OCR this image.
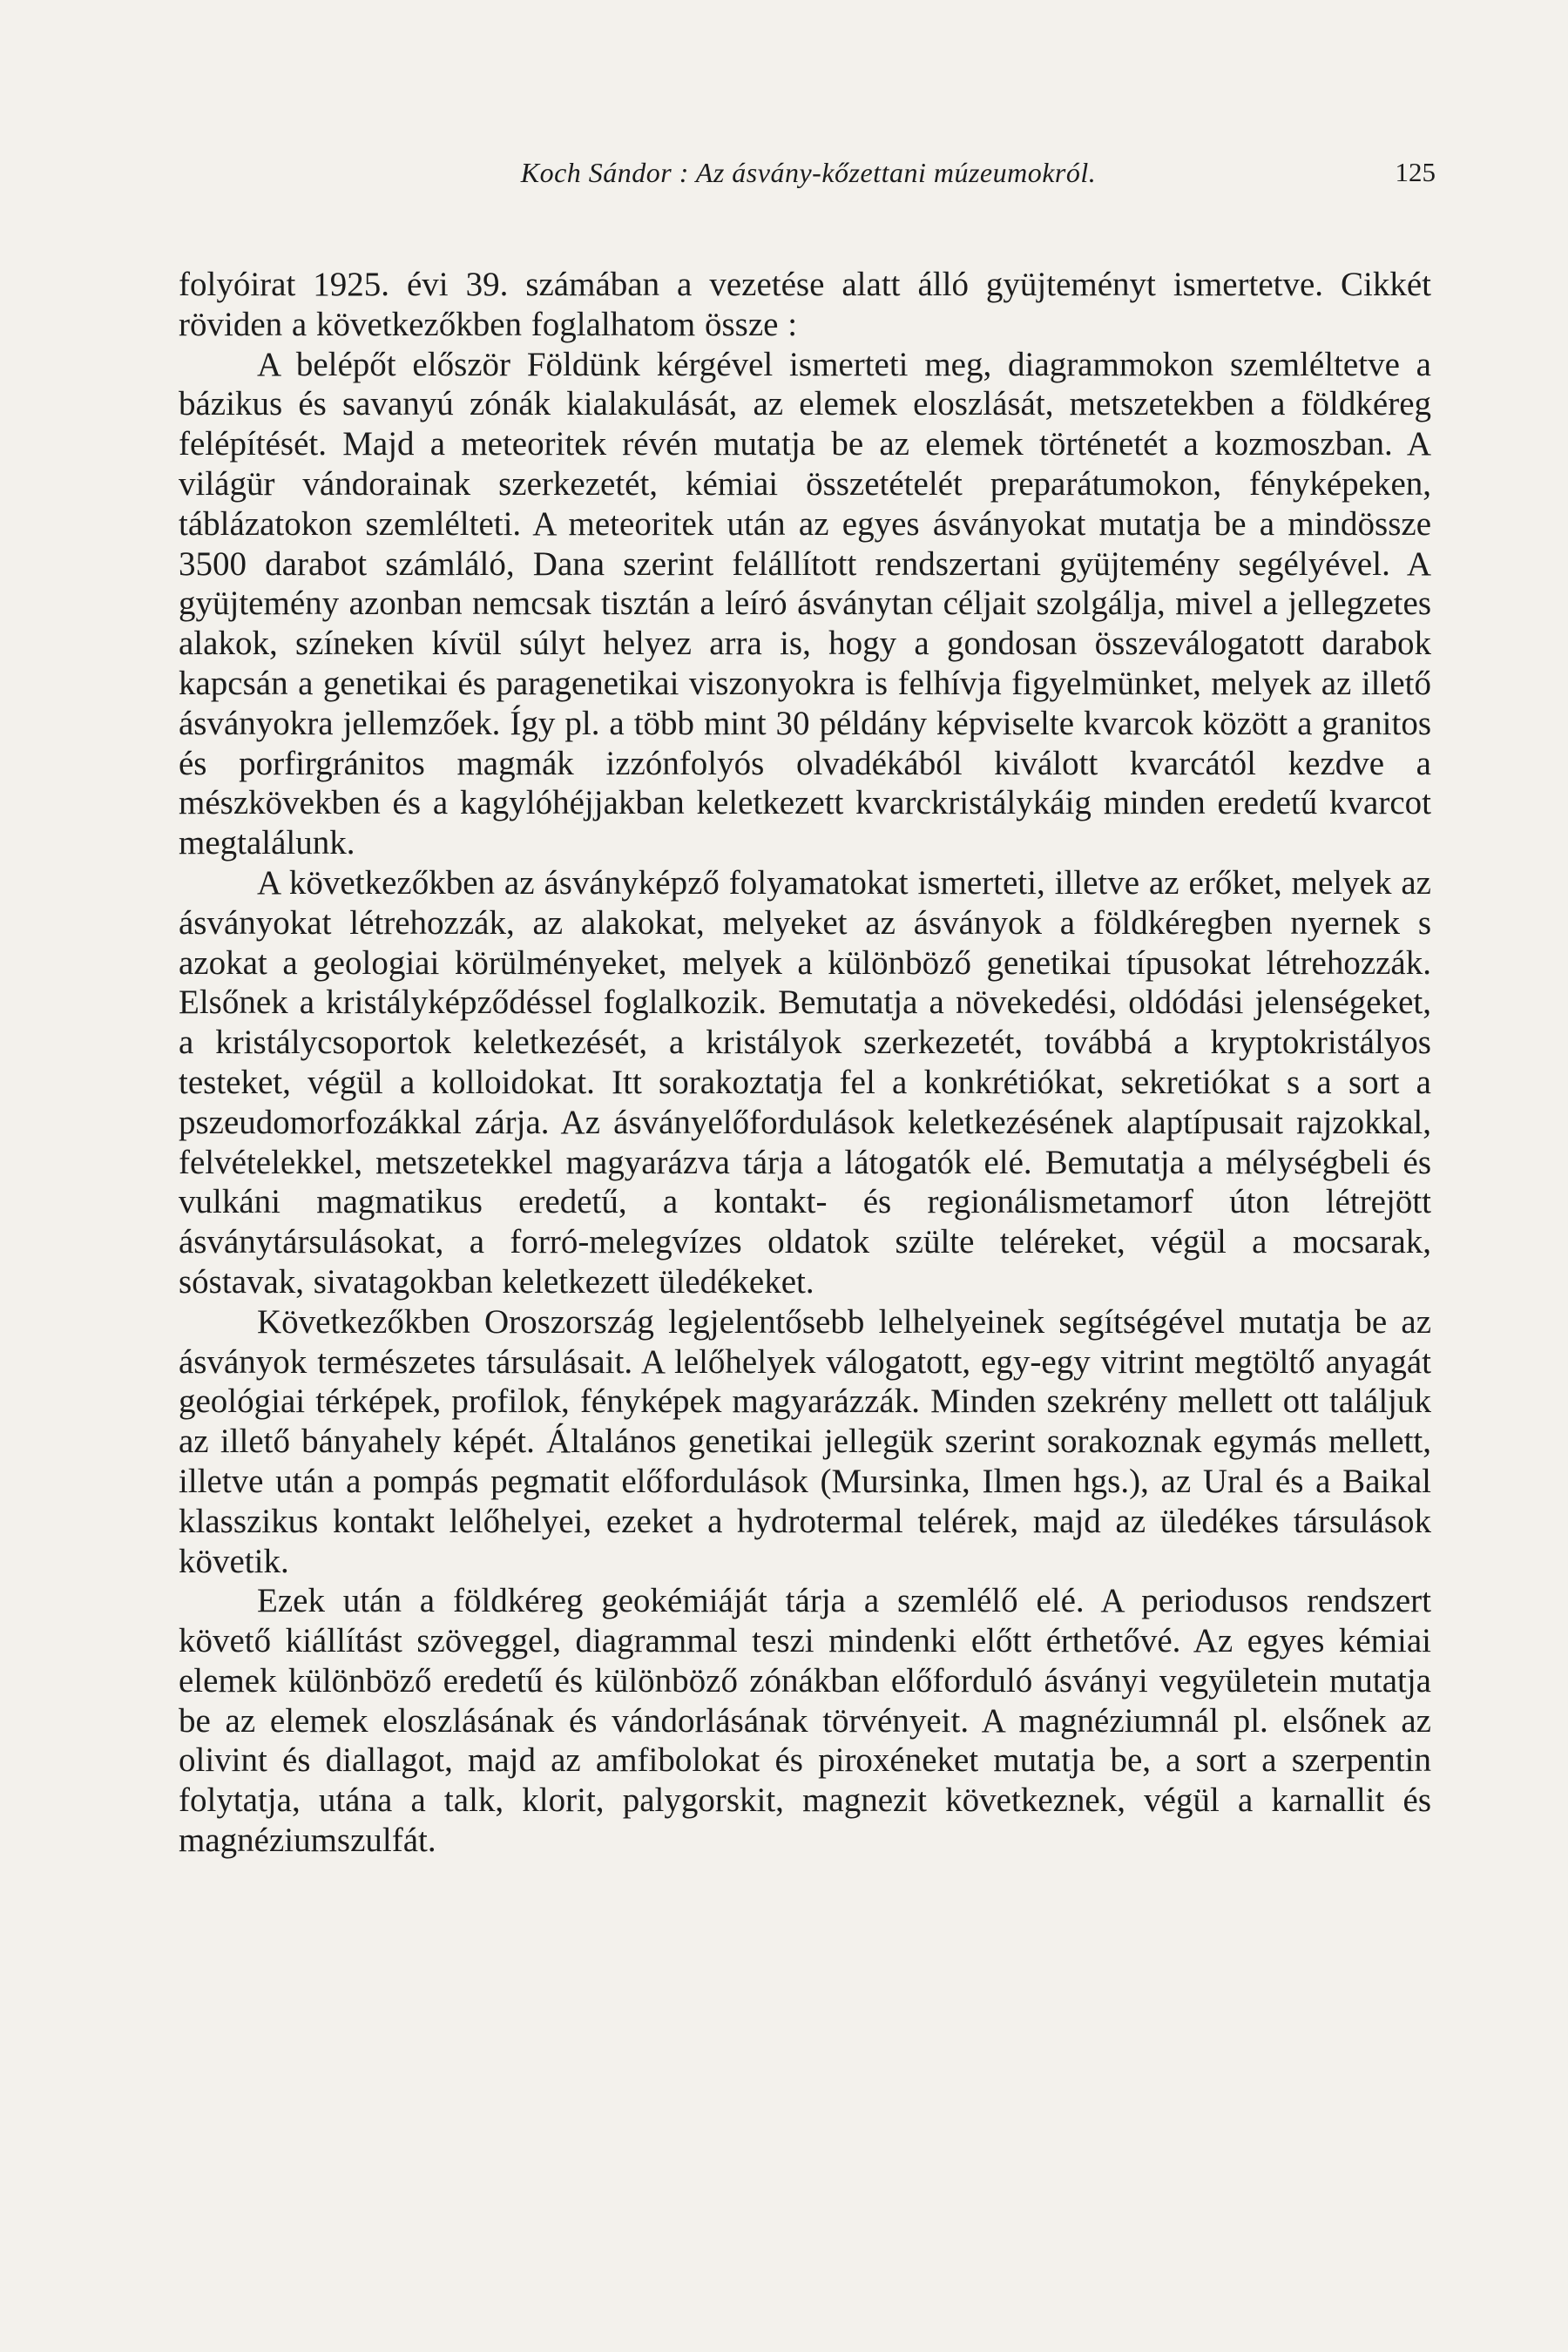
Koch Sándor : Az ásvány-kőzettani múzeumokról.	125

folyóirat 1925. évi 39. számában a vezetése alatt álló gyüjteményt ismertetve. Cikkét röviden a következőkben foglalhatom össze :

A belépőt először Földünk kérgével ismerteti meg, diagrammokon szemléltetve a bázikus és savanyú zónák kialakulását, az elemek eloszlását, metszetekben a földkéreg felépítését. Majd a meteoritek révén mutatja be az elemek történetét a kozmoszban. A világür vándorainak szerkezetét, kémiai összetételét preparátumokon, fényképeken, táblázatokon szemlélteti. A meteoritek után az egyes ásványokat mutatja be a mindössze 3500 darabot számláló, Dana szerint felállított rendszertani gyüjtemény segélyével. A gyüjtemény azonban nemcsak tisztán a leíró ásványtan céljait szolgálja, mivel a jellegzetes alakok, színeken kívül súlyt helyez arra is, hogy a gondosan összeválogatott darabok kapcsán a genetikai és paragenetikai viszonyokra is felhívja figyelmünket, melyek az illető ásványokra jellemzőek. Így pl. a több mint 30 példány képviselte kvarcok között a granitos és porfirgránitos magmák izzónfolyós olvadékából kiválott kvarcától kezdve a mészkövekben és a kagylóhéjjakban keletkezett kvarckristálykáig minden eredetű kvarcot megtalálunk.

A következőkben az ásványképző folyamatokat ismerteti, illetve az erőket, melyek az ásványokat létrehozzák, az alakokat, melyeket az ásványok a földkéregben nyernek s azokat a geologiai körülményeket, melyek a különböző genetikai típusokat létrehozzák. Elsőnek a kristályképződéssel foglalkozik. Bemutatja a növekedési, oldódási jelenségeket, a kristálycsoportok keletkezését, a kristályok szerkezetét, továbbá a kryptokristályos testeket, végül a kolloidokat. Itt sorakoztatja fel a konkrétiókat, sekretiókat s a sort a pszeudomorfozákkal zárja. Az ásványelőfordulások keletkezésének alaptípusait rajzokkal, felvételekkel, metszetekkel magyarázva tárja a látogatók elé. Bemutatja a mélységbeli és vulkáni magmatikus eredetű, a kontakt- és regionálismetamorf úton létrejött ásványtársulásokat, a forró-melegvízes oldatok szülte teléreket, végül a mocsarak, sóstavak, sivatagokban keletkezett üledékeket.

Következőkben Oroszország legjelentősebb lelhelyeinek segítségével mutatja be az ásványok természetes társulásait. A lelőhelyek válogatott, egy-egy vitrint megtöltő anyagát geológiai térképek, profilok, fényképek magyarázzák. Minden szekrény mellett ott találjuk az illető bányahely képét. Általános genetikai jellegük szerint sorakoznak egymás mellett, illetve után a pompás pegmatit előfordulások (Mursinka, Ilmen hgs.), az Ural és a Baikal klasszikus kontakt lelőhelyei, ezeket a hydrotermal telérek, majd az üledékes társulások követik.

Ezek után a földkéreg geokémiáját tárja a szemlélő elé. A periodusos rendszert követő kiállítást szöveggel, diagrammal teszi mindenki előtt érthetővé. Az egyes kémiai elemek különböző eredetű és különböző zónákban előforduló ásványi vegyületein mutatja be az elemek eloszlásának és vándorlásának törvényeit. A magnéziumnál pl. elsőnek az olivint és diallagot, majd az amfibolokat és piroxéneket mutatja be, a sort a szerpentin folytatja, utána a talk, klorit, palygorskit, magnezit következnek, végül a karnallit és magnéziumszulfát.
